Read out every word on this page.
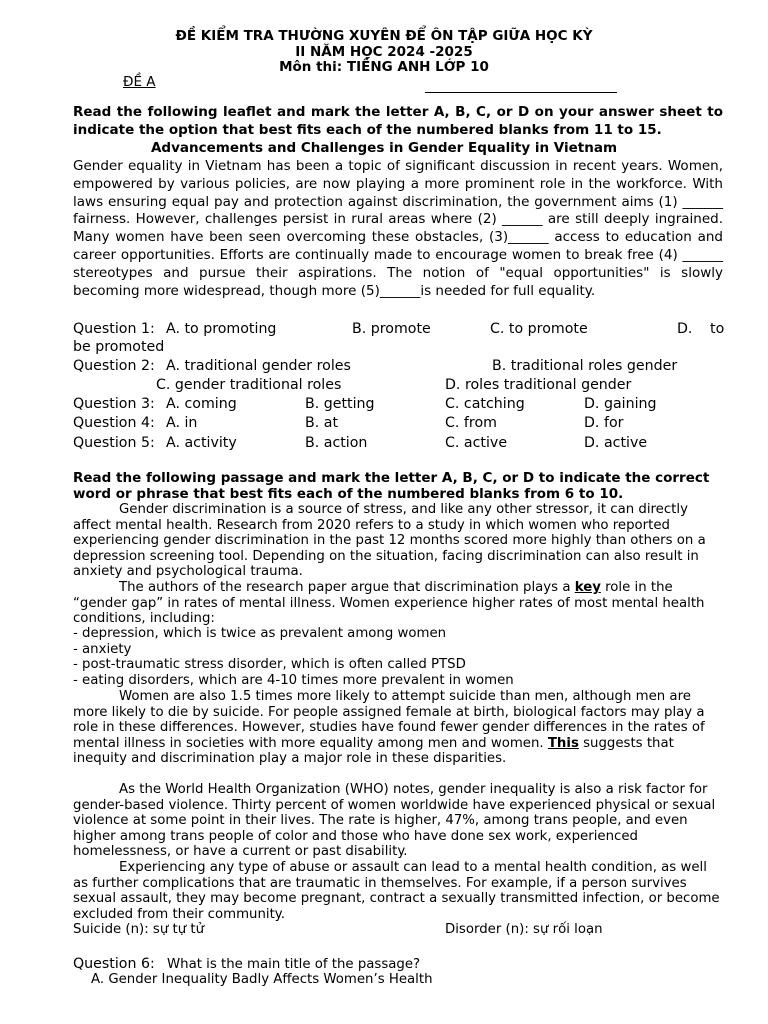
ĐỀ KIỂM TRA THƯỜNG XUYÊN ĐỂ ÔN TẬP GIỮA HỌC KỲ
II NĂM HỌC 2024 -2025
Môn thi: TIẾNG ANH LỚP 10
ĐỀ A
Read the following leaflet and mark the letter A, B, C, or D on your answer sheet to indicate the option that best fits each of the numbered blanks from 11 to 15.
Advancements and Challenges in Gender Equality in Vietnam
Gender equality in Vietnam has been a topic of significant discussion in recent years. Women, empowered by various policies, are now playing a more prominent role in the workforce. With laws ensuring equal pay and protection against discrimination, the government aims (1) ______ fairness. However, challenges persist in rural areas where (2) ______ are still deeply ingrained. Many women have been seen overcoming these obstacles, (3)______ access to education and career opportunities. Efforts are continually made to encourage women to break free (4) ______ stereotypes and pursue their aspirations. The notion of "equal opportunities" is slowly becoming more widespread, though more (5)______is needed for full equality.
Question 1: A. to promoting	B. promote	C. to promote	D. to
be promoted
Question 2: A. traditional gender roles	B. traditional roles gender
C. gender traditional roles	D. roles traditional gender
Question 3: A. coming	B. getting	C. catching	D. gaining
Question 4: A. in	B. at	C. from	D. for
Question 5: A. activity	B. action	C. active	D. active
Read the following passage and mark the letter A, B, C, or D to indicate the correct word or phrase that best fits each of the numbered blanks from 6 to 10.
Gender discrimination is a source of stress, and like any other stressor, it can directly affect mental health. Research from 2020 refers to a study in which women who reported experiencing gender discrimination in the past 12 months scored more highly than others on a depression screening tool. Depending on the situation, facing discrimination can also result in anxiety and psychological trauma.
The authors of the research paper argue that discrimination plays a key role in the “gender gap” in rates of mental illness. Women experience higher rates of most mental health conditions, including:
- depression, which is twice as prevalent among women
- anxiety
- post-traumatic stress disorder, which is often called PTSD
- eating disorders, which are 4-10 times more prevalent in women
Women are also 1.5 times more likely to attempt suicide than men, although men are more likely to die by suicide. For people assigned female at birth, biological factors may play a role in these differences. However, studies have found fewer gender differences in the rates of mental illness in societies with more equality among men and women. This suggests that inequity and discrimination play a major role in these disparities.
As the World Health Organization (WHO) notes, gender inequality is also a risk factor for gender-based violence. Thirty percent of women worldwide have experienced physical or sexual violence at some point in their lives. The rate is higher, 47%, among trans people, and even higher among trans people of color and those who have done sex work, experienced homelessness, or have a current or past disability.
Experiencing any type of abuse or assault can lead to a mental health condition, as well as further complications that are traumatic in themselves. For example, if a person survives sexual assault, they may become pregnant, contract a sexually transmitted infection, or become excluded from their community.
Suicide (n): sự tự tử	Disorder (n): sự rối loạn
Question 6: What is the main title of the passage?
A. Gender Inequality Badly Affects Women’s Health
